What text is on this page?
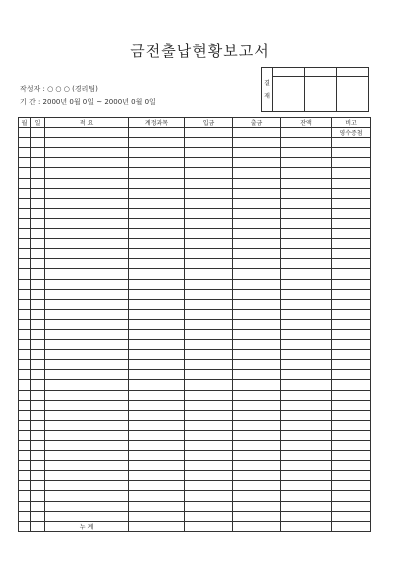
금전출납현황보고서
작성자 : ○ ○ ○ (경리팀)
기 간 : 2000년 0월 0일 ~ 2000년 0월 0일
결
재			

월	일	적 요	계정과목	입금	출금	잔액	비고
							영수증첨

		누 계					
